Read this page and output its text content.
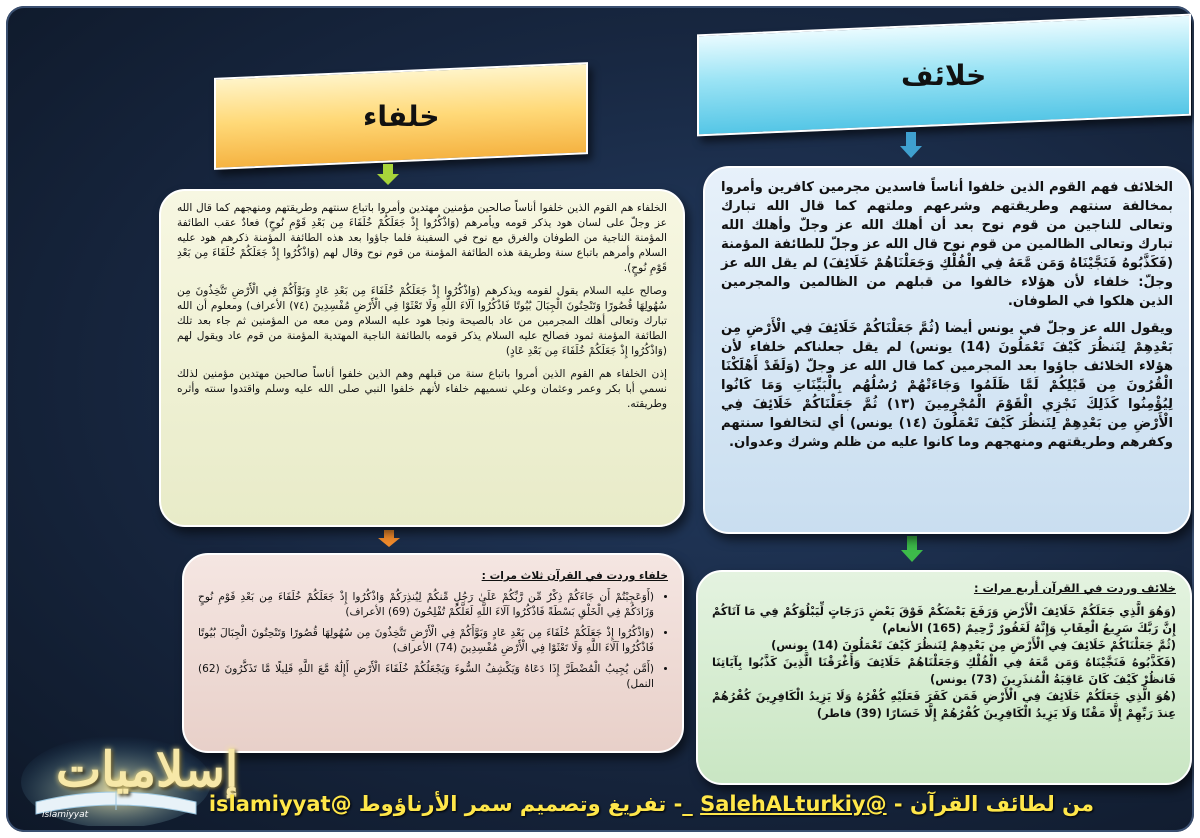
خلائف
خلفاء

الخلائف فهم القوم الذين خلفوا أناساً فاسدين مجرمين كافرين وأمروا بمخالفة سنتهم وطريقتهم وشرعهم وملتهم كما قال الله تبارك وتعالى للناجين من قوم نوح بعد أن أهلك الله عز وجلّ وأهلك الله تبارك وتعالى الظالمين من قوم نوح قال الله عز وجلّ للطائفة المؤمنة (فَكَذَّبُوهُ فَنَجَّيْنَاهُ وَمَن مَّعَهُ فِي الْفُلْكِ وَجَعَلْنَاهُمْ خَلَائِفَ) لم يقل الله عز وجلّ: خلفاء لأن هؤلاء خالفوا من قبلهم من الظالمين والمجرمين الذين هلكوا في الطوفان.

ويقول الله عز وجلّ في يونس أيضا (ثُمَّ جَعَلْنَاكُمْ خَلَائِفَ فِي الْأَرْضِ مِن بَعْدِهِمْ لِنَنظُرَ كَيْفَ تَعْمَلُونَ (14) يونس) لم يقل جعلناكم خلفاء لأن هؤلاء الخلائف جاؤوا بعد المجرمين كما قال الله عز وجلّ (وَلَقَدْ أَهْلَكْنَا الْقُرُونَ مِن قَبْلِكُمْ لَمَّا ظَلَمُوا وَجَاءَتْهُمْ رُسُلُهُم بِالْبَيِّنَاتِ وَمَا كَانُوا لِيُؤْمِنُوا كَذَلِكَ نَجْزِي الْقَوْمَ الْمُجْرِمِينَ (١٣) ثُمَّ جَعَلْنَاكُمْ خَلَائِفَ فِي الْأَرْضِ مِن بَعْدِهِمْ لِنَنظُرَ كَيْفَ تَعْمَلُونَ (١٤) يونس) أي لتخالفوا سنتهم وكفرهم وطريقتهم ومنهجهم وما كانوا عليه من ظلم وشرك وعدوان.

الخلفاء هم القوم الذين خلفوا أناساً صالحين مؤمنين مهتدين وأمروا باتباع سنتهم وطريقتهم ومنهجهم كما قال الله عز وجلّ على لسان هود يذكر قومه ويأمرهم (وَاذْكُرُوا إِذْ جَعَلَكُمْ خُلَفَاءَ مِن بَعْدِ قَوْمِ نُوحٍ) فعادٌ عقب الطائفة المؤمنة الناجية من الطوفان والغرق مع نوح في السفينة فلما جاؤوا بعد هذه الطائفة المؤمنة ذكرهم هود عليه السلام وأمرهم باتباع سنة وطريقة هذه الطائفة المؤمنة من قوم نوح وقال لهم (وَاذْكُرُوا إِذْ جَعَلَكُمْ خُلَفَاءَ مِن بَعْدِ قَوْمِ نُوحٍ).

وصالح عليه السلام يقول لقومه ويذكرهم (وَاذْكُرُوا إِذْ جَعَلَكُمْ خُلَفَاءَ مِن بَعْدِ عَادٍ وَبَوَّأَكُمْ فِي الْأَرْضِ تَتَّخِذُونَ مِن سُهُولِهَا قُصُورًا وَتَنْحِتُونَ الْجِبَالَ بُيُوتًا فَاذْكُرُوا آلَاءَ اللَّهِ وَلَا تَعْثَوْا فِي الْأَرْضِ مُفْسِدِينَ (٧٤) الأعراف) ومعلوم أن الله تبارك وتعالى أهلك المجرمين من عاد بالصيحة ونجا هود عليه السلام ومن معه من المؤمنين ثم جاء بعد تلك الطائفة المؤمنة ثمود فصالح عليه السلام يذكر قومه بالطائفة الناجية المهتدية المؤمنة من قوم عاد ويقول لهم (وَاذْكُرُوا إِذْ جَعَلَكُمْ خُلَفَاءَ مِن بَعْدِ عَادٍ)

إذن الخلفاء هم القوم الذين أمروا باتباع سنة من قبلهم وهم الذين خلفوا أناساً صالحين مهتدين مؤمنين لذلك نسمي أبا بكر وعمر وعثمان وعلي نسميهم خلفاء لأنهم خلفوا النبي صلى الله عليه وسلم واقتدوا سنته وأثره وطريقته.

خلائف وردت في القرآن أربع مرات :
(وَهُوَ الَّذِي جَعَلَكُمْ خَلَائِفَ الْأَرْضِ وَرَفَعَ بَعْضَكُمْ فَوْقَ بَعْضٍ دَرَجَاتٍ لِّيَبْلُوَكُمْ فِي مَا آتَاكُمْ إِنَّ رَبَّكَ سَرِيعُ الْعِقَابِ وَإِنَّهُ لَغَفُورٌ رَّحِيمٌ (165) الأنعام)
(ثُمَّ جَعَلْنَاكُمْ خَلَائِفَ فِي الْأَرْضِ مِن بَعْدِهِمْ لِنَنظُرَ كَيْفَ تَعْمَلُونَ (14) يونس)
(فَكَذَّبُوهُ فَنَجَّيْنَاهُ وَمَن مَّعَهُ فِي الْفُلْكِ وَجَعَلْنَاهُمْ خَلَائِفَ وَأَغْرَقْنَا الَّذِينَ كَذَّبُوا بِآيَاتِنَا فَانظُرْ كَيْفَ كَانَ عَاقِبَةُ الْمُنذَرِينَ (73) يونس)
(هُوَ الَّذِي جَعَلَكُمْ خَلَائِفَ فِي الْأَرْضِ فَمَن كَفَرَ فَعَلَيْهِ كُفْرُهُ وَلَا يَزِيدُ الْكَافِرِينَ كُفْرُهُمْ عِندَ رَبِّهِمْ إِلَّا مَقْتًا وَلَا يَزِيدُ الْكَافِرِينَ كُفْرُهُمْ إِلَّا خَسَارًا (39) فاطر)
خلفاء وردت في القرآن ثلاث مرات :
• (أَوَعَجِبْتُمْ أَن جَاءَكُمْ ذِكْرٌ مِّن رَّبِّكُمْ عَلَىٰ رَجُلٍ مِّنكُمْ لِيُنذِرَكُمْ وَاذْكُرُوا إِذْ جَعَلَكُمْ خُلَفَاءَ مِن بَعْدِ قَوْمِ نُوحٍ وَزَادَكُمْ فِي الْخَلْقِ بَسْطَةً فَاذْكُرُوا آلَاءَ اللَّهِ لَعَلَّكُمْ تُفْلِحُونَ (69) الأعراف)
• (وَاذْكُرُوا إِذْ جَعَلَكُمْ خُلَفَاءَ مِن بَعْدِ عَادٍ وَبَوَّأَكُمْ فِي الْأَرْضِ تَتَّخِذُونَ مِن سُهُولِهَا قُصُورًا وَتَنْحِتُونَ الْجِبَالَ بُيُوتًا فَاذْكُرُوا آلَاءَ اللَّهِ وَلَا تَعْثَوْا فِي الْأَرْضِ مُفْسِدِينَ (74) الأعراف)
• (أَمَّن يُجِيبُ الْمُضْطَرَّ إِذَا دَعَاهُ وَيَكْشِفُ السُّوءَ وَيَجْعَلُكُمْ خُلَفَاءَ الْأَرْضِ أَإِلَٰهٌ مَّعَ اللَّهِ قَلِيلًا مَّا تَذَكَّرُونَ (62) النمل)
إسلاميات
islamiyyat	من لطائف القرآن - @SalehALturkiy _- تفريغ وتصميم سمر الأرناؤوط @islamiyyat
